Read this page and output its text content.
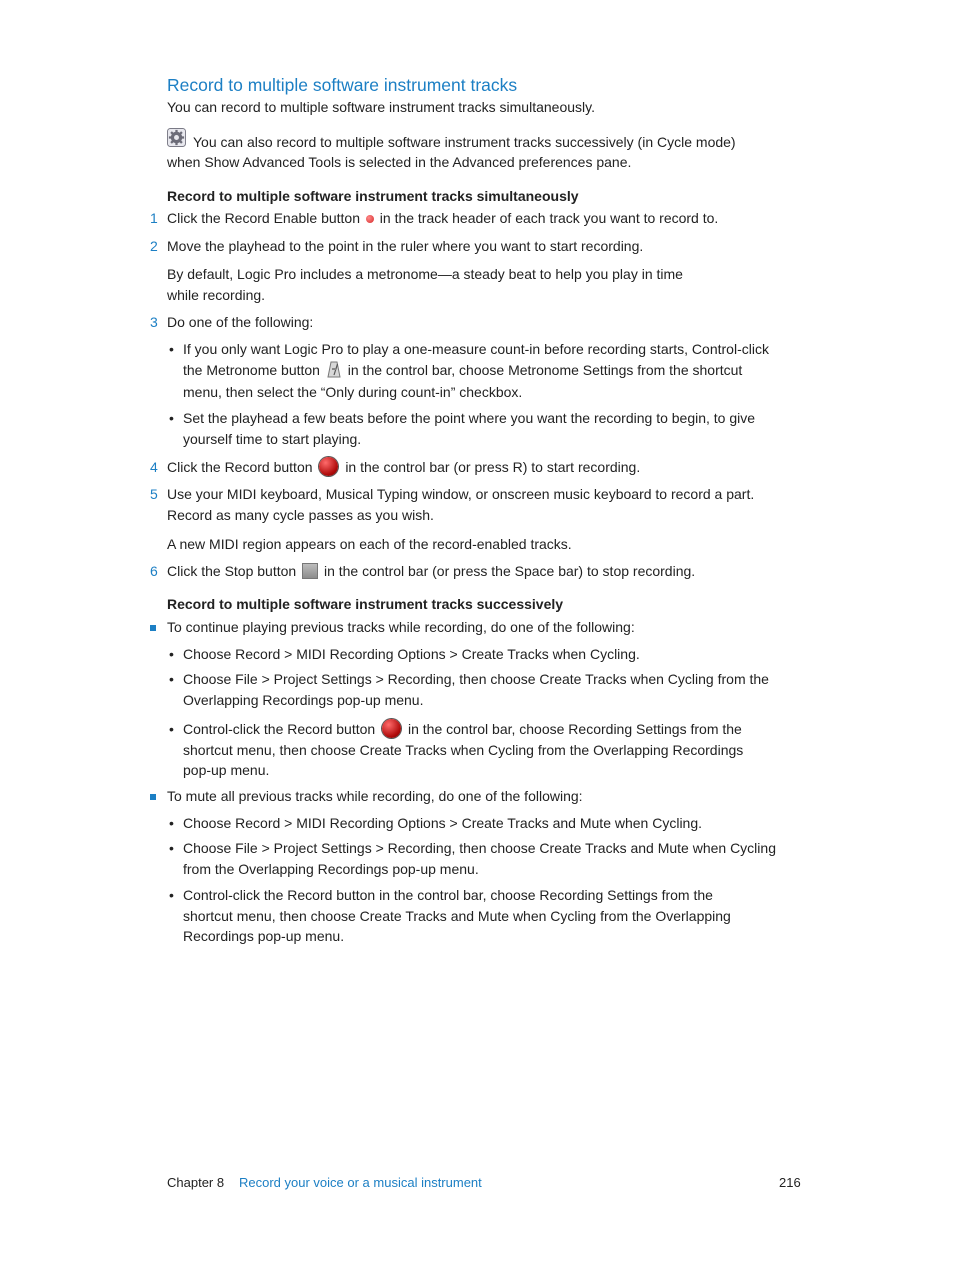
Record to multiple software instrument tracks
You can record to multiple software instrument tracks simultaneously.
You can also record to multiple software instrument tracks successively (in Cycle mode)
when Show Advanced Tools is selected in the Advanced preferences pane.
Record to multiple software instrument tracks simultaneously
1 Click the Record Enable button in the track header of each track you want to record to.
2 Move the playhead to the point in the ruler where you want to start recording.
By default, Logic Pro includes a metronome—a steady beat to help you play in time
while recording.
3 Do one of the following:
• If you only want Logic Pro to play a one-measure count-in before recording starts, Control-click
the Metronome button in the control bar, choose Metronome Settings from the shortcut
menu, then select the “Only during count-in” checkbox.
• Set the playhead a few beats before the point where you want the recording to begin, to give
yourself time to start playing.
4 Click the Record button in the control bar (or press R) to start recording.
5 Use your MIDI keyboard, Musical Typing window, or onscreen music keyboard to record a part.
Record as many cycle passes as you wish.
A new MIDI region appears on each of the record-enabled tracks.
6 Click the Stop button in the control bar (or press the Space bar) to stop recording.
Record to multiple software instrument tracks successively
To continue playing previous tracks while recording, do one of the following:
• Choose Record > MIDI Recording Options > Create Tracks when Cycling.
• Choose File > Project Settings > Recording, then choose Create Tracks when Cycling from the
Overlapping Recordings pop-up menu.
• Control-click the Record button in the control bar, choose Recording Settings from the
shortcut menu, then choose Create Tracks when Cycling from the Overlapping Recordings
pop-up menu.
To mute all previous tracks while recording, do one of the following:
• Choose Record > MIDI Recording Options > Create Tracks and Mute when Cycling.
• Choose File > Project Settings > Recording, then choose Create Tracks and Mute when Cycling
from the Overlapping Recordings pop-up menu.
• Control-click the Record button in the control bar, choose Recording Settings from the
shortcut menu, then choose Create Tracks and Mute when Cycling from the Overlapping
Recordings pop-up menu.
Chapter 8 Record your voice or a musical instrument	216
